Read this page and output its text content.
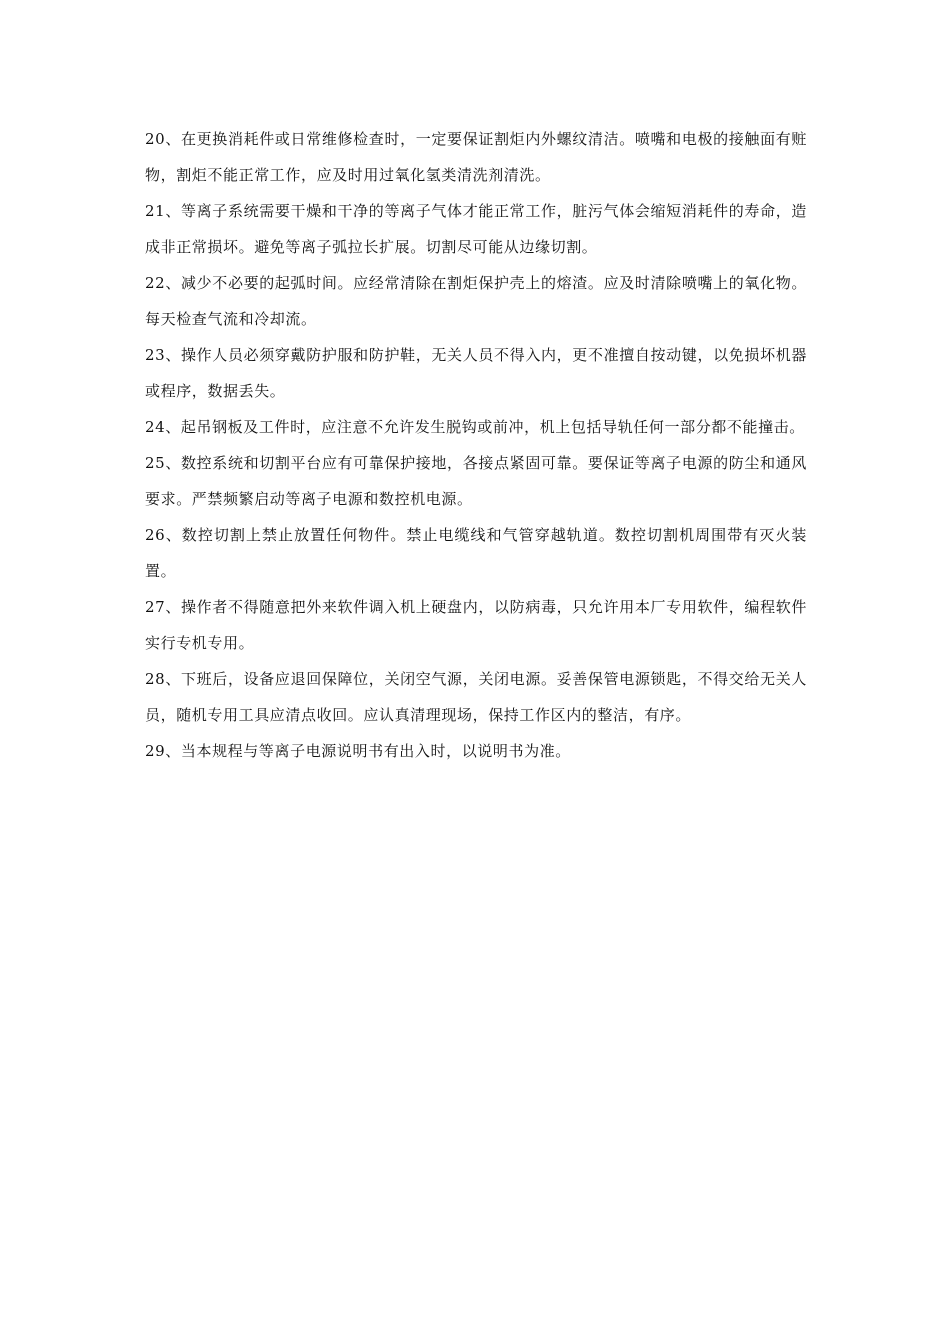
20、在更换消耗件或日常维修检查时，一定要保证割炬内外螺纹清洁。喷嘴和电极的接触面有赃物，割炬不能正常工作，应及时用过氧化氢类清洗剂清洗。

21、等离子系统需要干燥和干净的等离子气体才能正常工作，脏污气体会缩短消耗件的寿命，造成非正常损坏。避免等离子弧拉长扩展。切割尽可能从边缘切割。

22、减少不必要的起弧时间。应经常清除在割炬保护壳上的熔渣。应及时清除喷嘴上的氧化物。每天检查气流和冷却流。

23、操作人员必须穿戴防护服和防护鞋，无关人员不得入内，更不准擅自按动键，以免损坏机器或程序，数据丢失。

24、起吊钢板及工件时，应注意不允许发生脱钩或前冲，机上包括导轨任何一部分都不能撞击。

25、数控系统和切割平台应有可靠保护接地，各接点紧固可靠。要保证等离子电源的防尘和通风要求。严禁频繁启动等离子电源和数控机电源。

26、数控切割上禁止放置任何物件。禁止电缆线和气管穿越轨道。数控切割机周围带有灭火装置。

27、操作者不得随意把外来软件调入机上硬盘内，以防病毒，只允许用本厂专用软件，编程软件实行专机专用。

28、下班后，设备应退回保障位，关闭空气源，关闭电源。妥善保管电源锁匙，不得交给无关人员，随机专用工具应清点收回。应认真清理现场，保持工作区内的整洁，有序。

29、当本规程与等离子电源说明书有出入时，以说明书为准。
